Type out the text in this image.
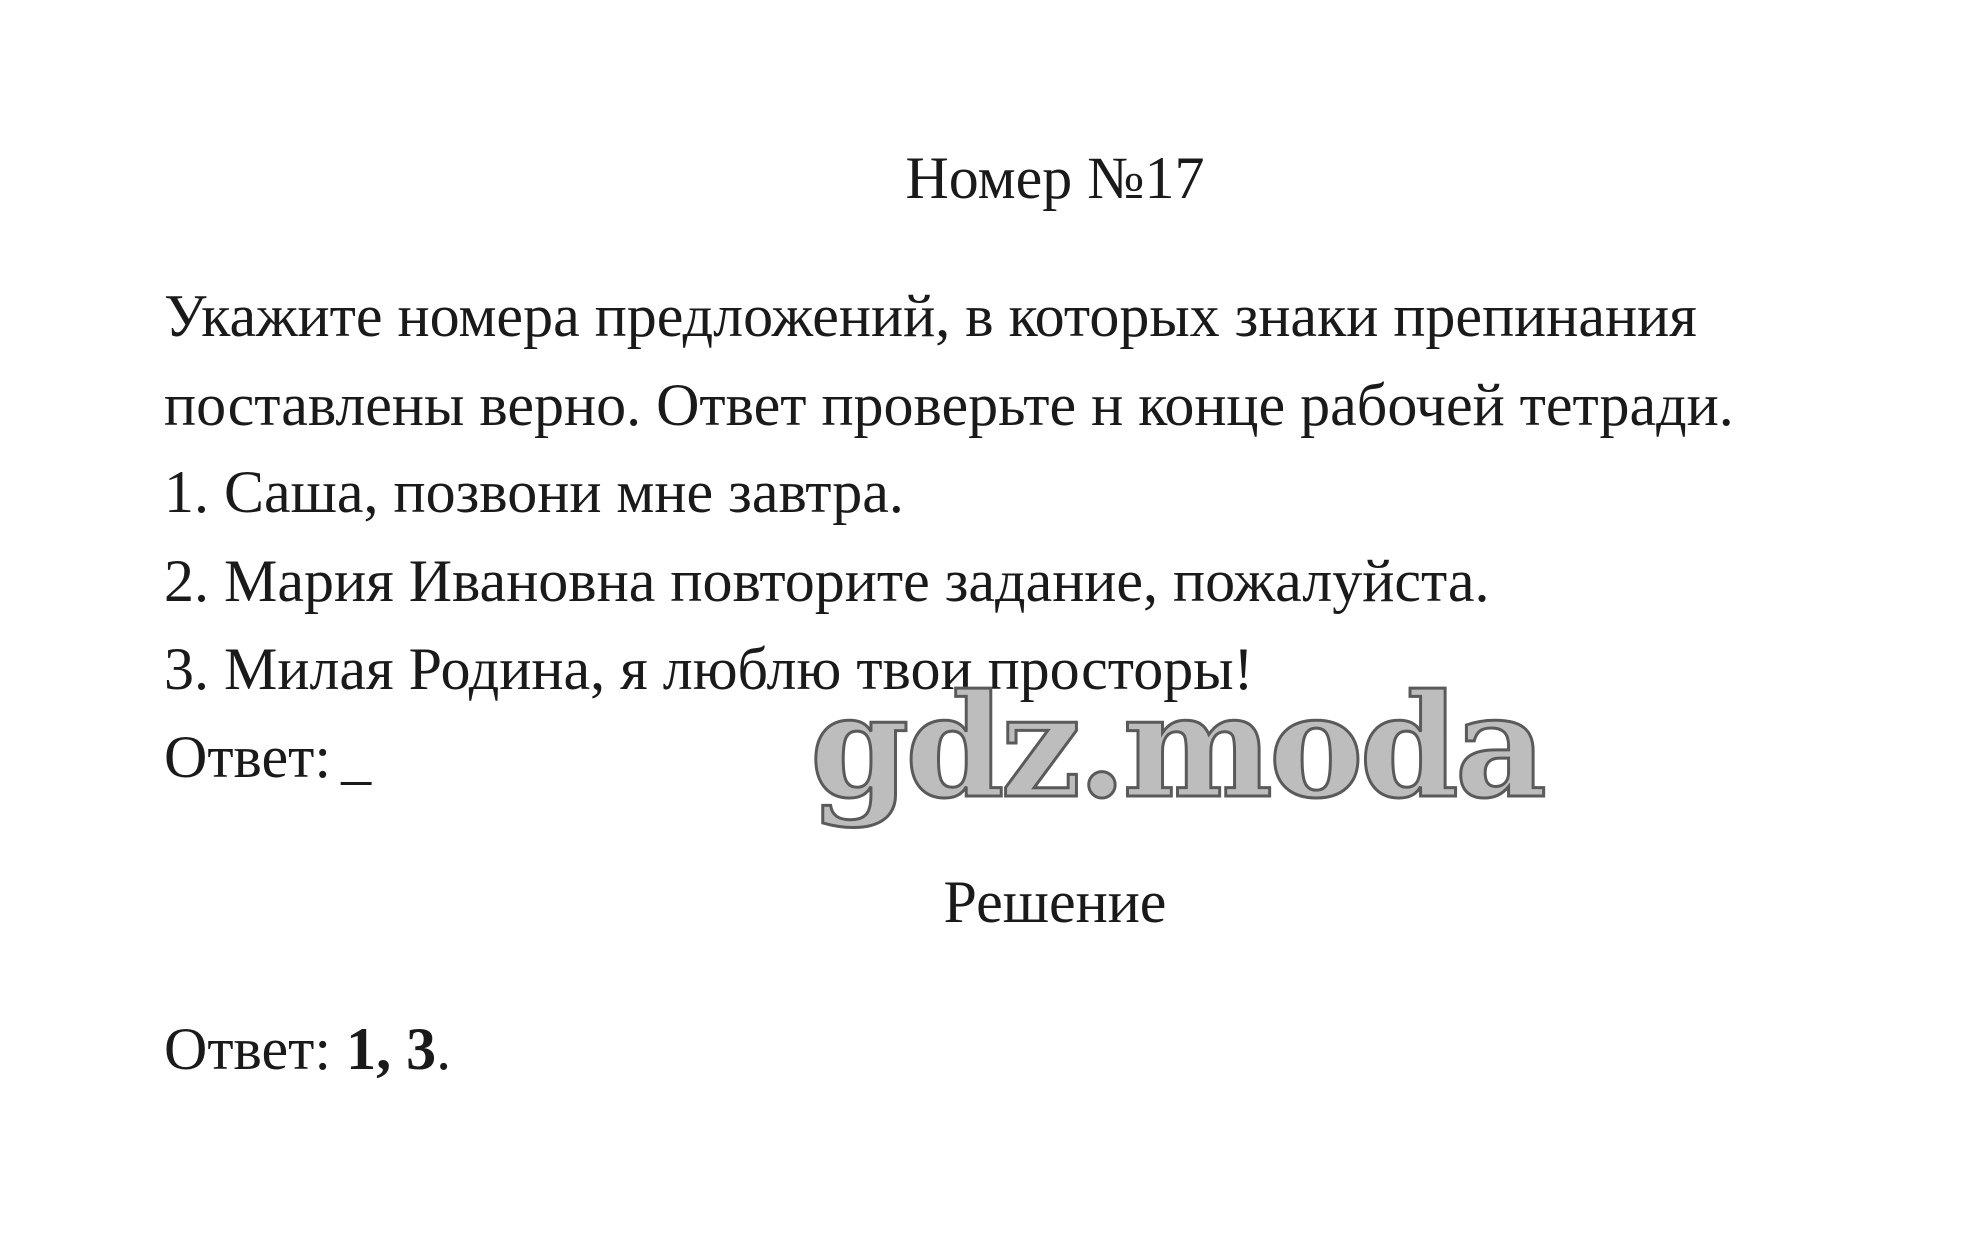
Номер №17
Укажите номера предложений, в которых знаки препинания
поставлены верно. Ответ проверьте н конце рабочей тетради.
1. Саша, позвони мне завтра.
2. Мария Ивановна повторите задание, пожалуйста.
3. Милая Родина, я люблю твои просторы!
Ответ: _	gdz.moda
Решение
Ответ: 1, 3.
